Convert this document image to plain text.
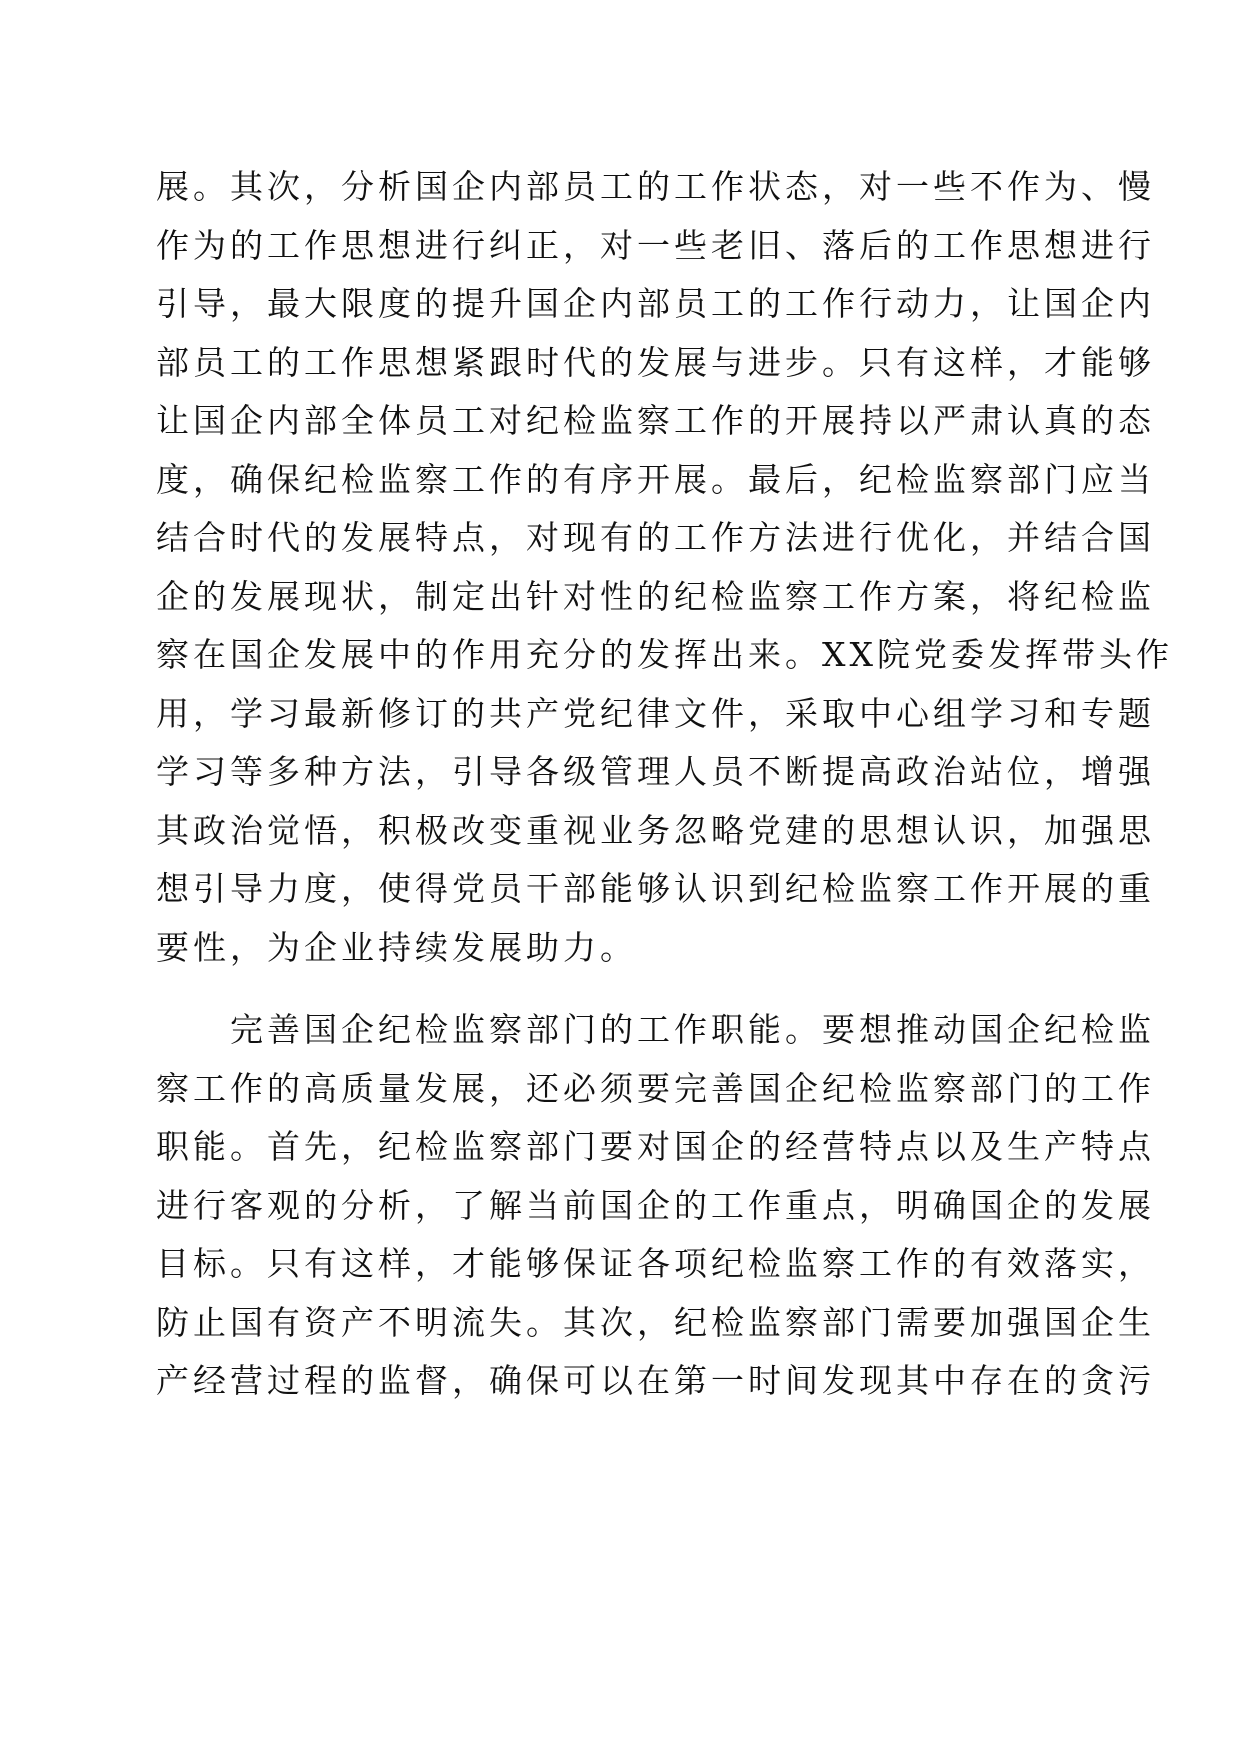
展。其次，分析国企内部员工的工作状态，对一些不作为、慢
作为的工作思想进行纠正，对一些老旧、落后的工作思想进行
引导，最大限度的提升国企内部员工的工作行动力，让国企内
部员工的工作思想紧跟时代的发展与进步。只有这样，才能够
让国企内部全体员工对纪检监察工作的开展持以严肃认真的态
度，确保纪检监察工作的有序开展。最后，纪检监察部门应当
结合时代的发展特点，对现有的工作方法进行优化，并结合国
企的发展现状，制定出针对性的纪检监察工作方案，将纪检监
察在国企发展中的作用充分的发挥出来。XX院党委发挥带头作
用，学习最新修订的共产党纪律文件，采取中心组学习和专题
学习等多种方法，引导各级管理人员不断提高政治站位，增强
其政治觉悟，积极改变重视业务忽略党建的思想认识，加强思
想引导力度，使得党员干部能够认识到纪检监察工作开展的重
要性，为企业持续发展助力。
完善国企纪检监察部门的工作职能。要想推动国企纪检监
察工作的高质量发展，还必须要完善国企纪检监察部门的工作
职能。首先，纪检监察部门要对国企的经营特点以及生产特点
进行客观的分析，了解当前国企的工作重点，明确国企的发展
目标。只有这样，才能够保证各项纪检监察工作的有效落实，
防止国有资产不明流失。其次，纪检监察部门需要加强国企生
产经营过程的监督，确保可以在第一时间发现其中存在的贪污
